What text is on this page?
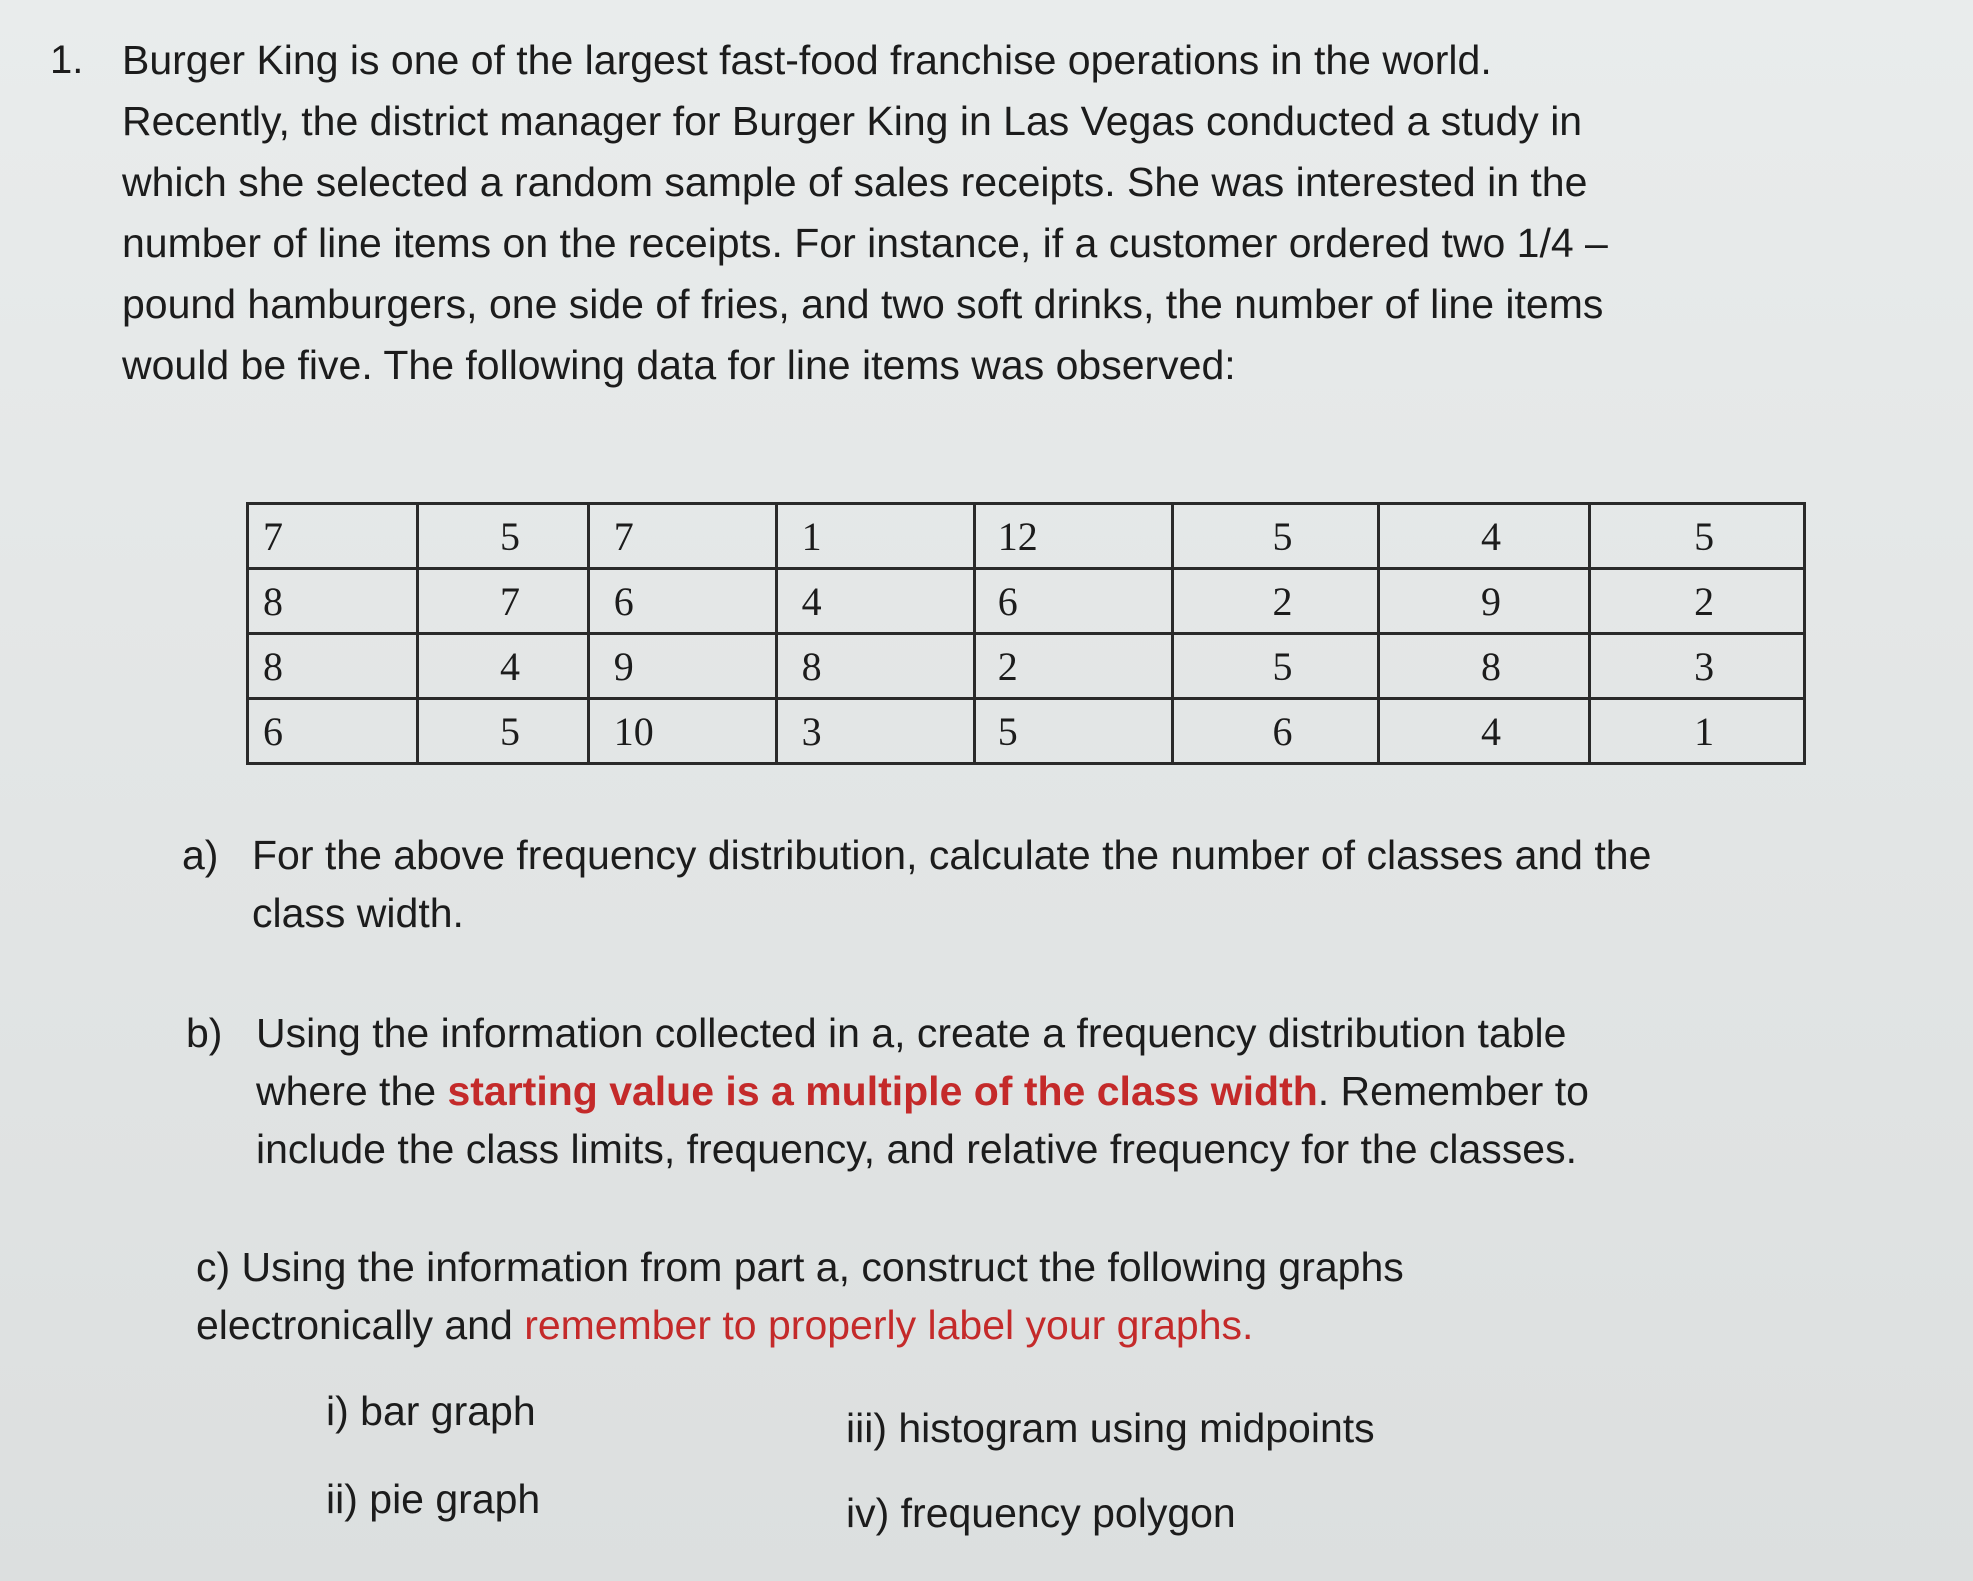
1. Burger King is one of the largest fast-food franchise operations in the world.
Recently, the district manager for Burger King in Las Vegas conducted a study in
which she selected a random sample of sales receipts. She was interested in the
number of line items on the receipts. For instance, if a customer ordered two 1/4 –
pound hamburgers, one side of fries, and two soft drinks, the number of line items
would be five. The following data for line items was observed:

7	5	7	1	12	5	4	5
8	7	6	4	6	2	9	2
8	4	9	8	2	5	8	3
6	5	10	3	5	6	4	1
a) For the above frequency distribution, calculate the number of classes and the
class width.
b) Using the information collected in a, create a frequency distribution table
where the starting value is a multiple of the class width. Remember to
include the class limits, frequency, and relative frequency for the classes.
c) Using the information from part a, construct the following graphs
electronically and remember to properly label your graphs.
i) bar graph
ii) pie graph
iii) histogram using midpoints
iv) frequency polygon
